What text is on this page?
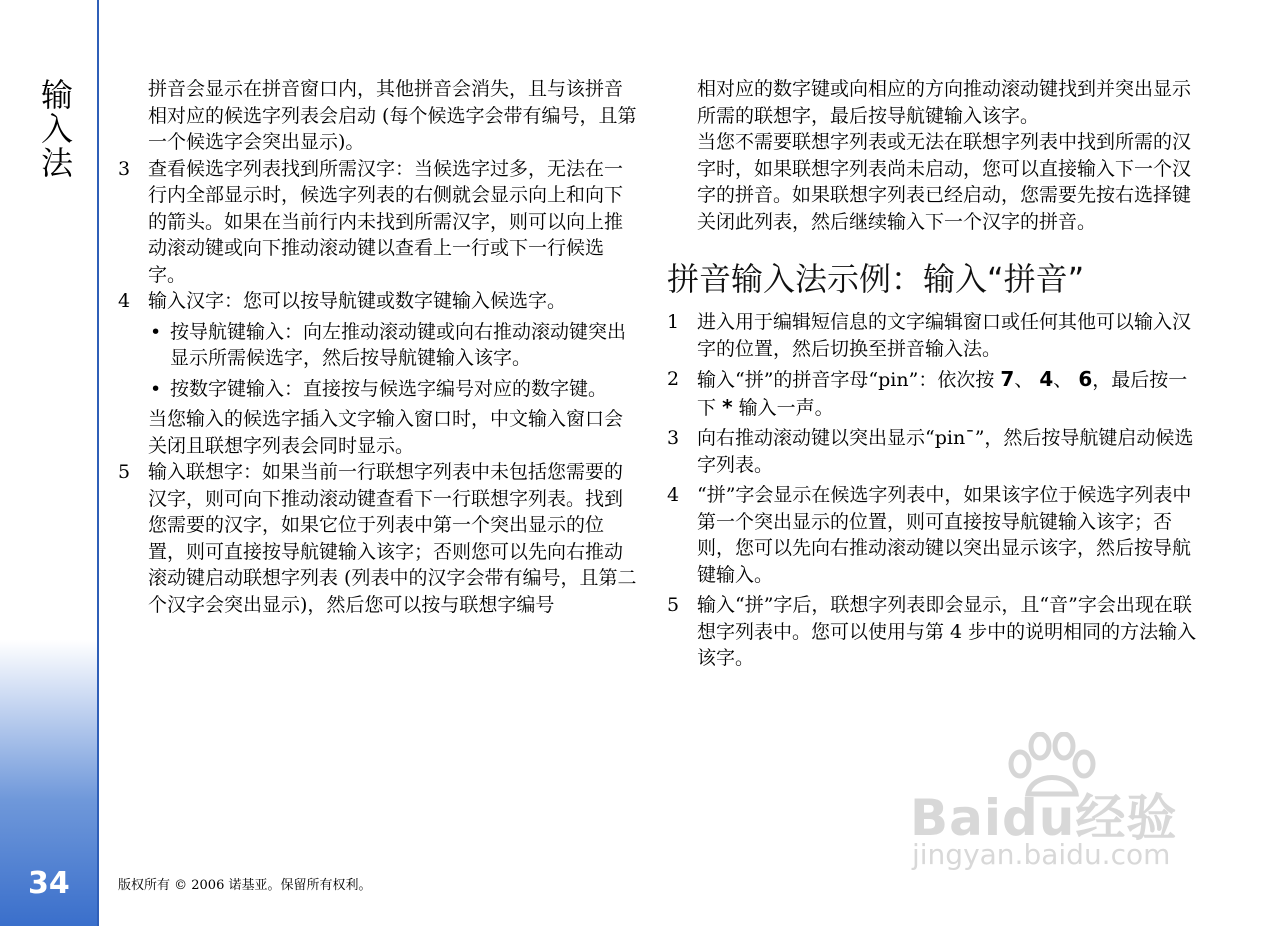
输入法
34

拼音会显示在拼音窗口内，其他拼音会消失，且与该拼音相对应的候选字列表会启动 (每个候选字会带有编号，且第一个候选字会突出显示)。

3 查看候选字列表找到所需汉字：当候选字过多，无法在一行内全部显示时，候选字列表的右侧就会显示向上和向下的箭头。如果在当前行内未找到所需汉字，则可以向上推动滚动键或向下推动滚动键以查看上一行或下一行候选字。

4 输入汉字：您可以按导航键或数字键输入候选字。

• 按导航键输入：向左推动滚动键或向右推动滚动键突出显示所需候选字，然后按导航键输入该字。

• 按数字键输入：直接按与候选字编号对应的数字键。

当您输入的候选字插入文字输入窗口时，中文输入窗口会关闭且联想字列表会同时显示。

5 输入联想字：如果当前一行联想字列表中未包括您需要的汉字，则可向下推动滚动键查看下一行联想字列表。找到您需要的汉字，如果它位于列表中第一个突出显示的位置，则可直接按导航键输入该字；否则您可以先向右推动滚动键启动联想字列表 (列表中的汉字会带有编号，且第二个汉字会突出显示)，然后您可以按与联想字编号

相对应的数字键或向相应的方向推动滚动键找到并突出显示所需的联想字，最后按导航键输入该字。

当您不需要联想字列表或无法在联想字列表中找到所需的汉字时，如果联想字列表尚未启动，您可以直接输入下一个汉字的拼音。如果联想字列表已经启动，您需要先按右选择键关闭此列表，然后继续输入下一个汉字的拼音。

拼音输入法示例：输入“拼音”

1 进入用于编辑短信息的文字编辑窗口或任何其他可以输入汉字的位置，然后切换至拼音输入法。

2 输入“拼”的拼音字母“pin”：依次按 7、 4、 6，最后按一下 * 输入一声。

3 向右推动滚动键以突出显示“pin¯”，然后按导航键启动候选字列表。

4 “拼”字会显示在候选字列表中，如果该字位于候选字列表中第一个突出显示的位置，则可直接按导航键输入该字；否则，您可以先向右推动滚动键以突出显示该字，然后按导航键输入。

5 输入“拼”字后，联想字列表即会显示，且“音”字会出现在联想字列表中。您可以使用与第 4 步中的说明相同的方法输入该字。

版权所有 © 2006 诺基亚。保留所有权利。
Baidu经验
jingyan.baidu.com
